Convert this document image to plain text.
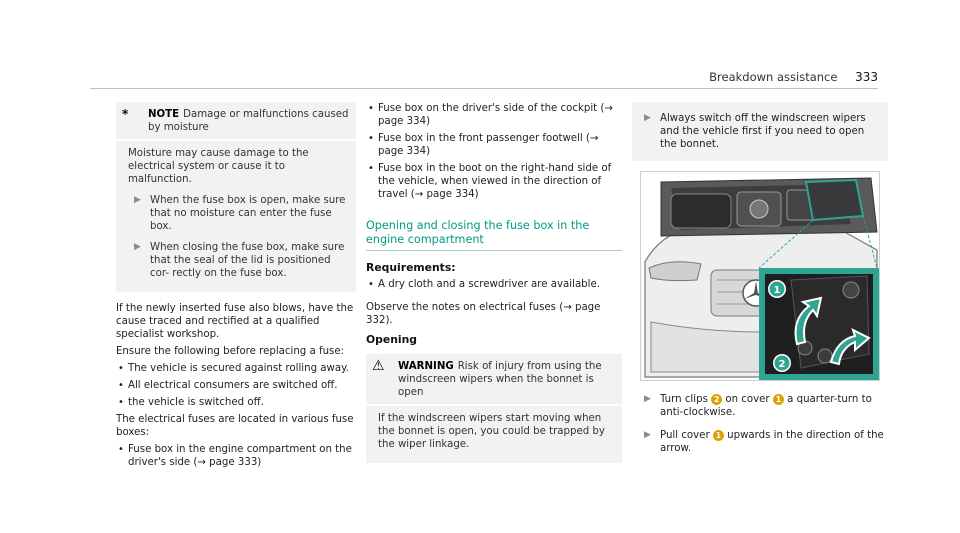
Breakdown assistance 333
*	NOTE Damage or malfunctions caused by moisture

Moisture may cause damage to the electrical system or cause it to malfunction.

▶ When the fuse box is open, make sure that no moisture can enter the fuse box.
▶ When closing the fuse box, make sure that the seal of the lid is positioned cor- rectly on the fuse box.

If the newly inserted fuse also blows, have the cause traced and rectified at a qualified specialist workshop.

Ensure the following before replacing a fuse:

• The vehicle is secured against rolling away.
• All electrical consumers are switched off.
• the vehicle is switched off.

The electrical fuses are located in various fuse boxes:

• Fuse box in the engine compartment on the driver's side (→ page 333)
• Fuse box on the driver's side of the cockpit (→ page 334)
• Fuse box in the front passenger footwell (→ page 334)
• Fuse box in the boot on the right-hand side of the vehicle, when viewed in the direction of travel (→ page 334)
Opening and closing the fuse box in the engine compartment
Requirements:
• A dry cloth and a screwdriver are available.

Observe the notes on electrical fuses (→ page 332).

Opening
⚠	WARNING Risk of injury from using the windscreen wipers when the bonnet is open

If the windscreen wipers start moving when the bonnet is open, you could be trapped by the wiper linkage.

▶ Always switch off the windscreen wipers and the vehicle first if you need to open the bonnet.
1
2
▶ Turn clips 2 on cover 1 a quarter-turn to anti-clockwise.
▶ Pull cover 1 upwards in the direction of the arrow.
